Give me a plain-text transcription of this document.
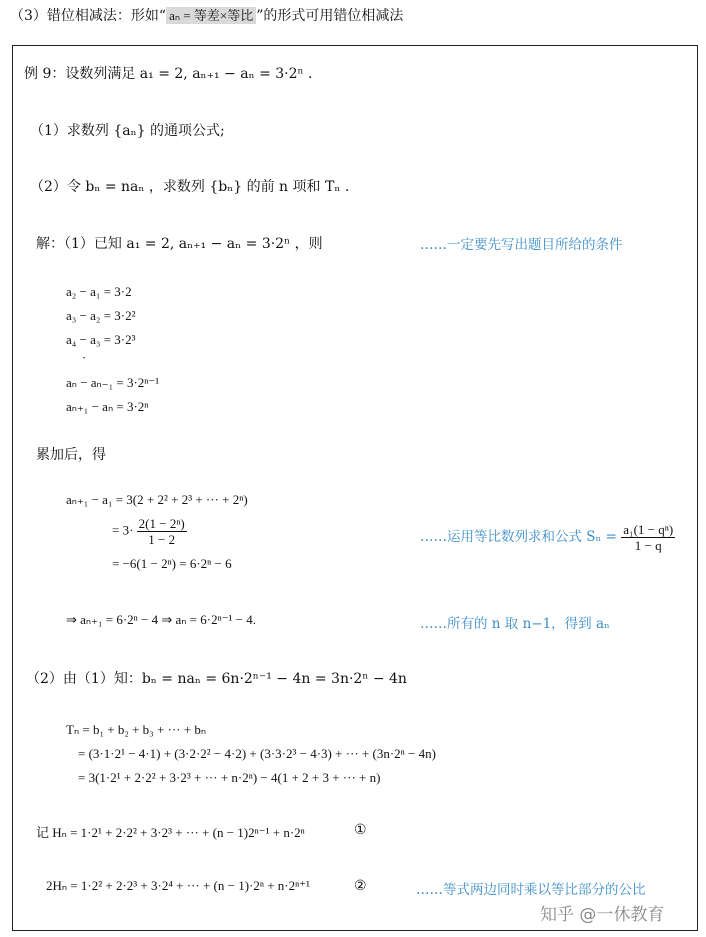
（3）错位相减法：形如“ aₙ = 等差×等比 ”的形式可用错位相减法
例 9：设数列满足 a₁ = 2, aₙ₊₁ − aₙ = 3·2ⁿ .
（1）求数列 {aₙ} 的通项公式;
（2）令 bₙ = naₙ ，求数列 {bₙ} 的前 n 项和 Tₙ .
解：（1）已知 a₁ = 2, aₙ₊₁ − aₙ = 3·2ⁿ ，则	……一定要先写出题目所给的条件
a₂ − a₁ = 3·2
a₃ − a₂ = 3·2²
a₄ − a₃ = 3·2³
·
aₙ − aₙ₋₁ = 3·2ⁿ⁻¹
aₙ₊₁ − aₙ = 3·2ⁿ
累加后，得
aₙ₊₁ − a₁ = 3(2 + 2² + 2³ + ··· + 2ⁿ)
= $3\cdot \frac{\text{2(1 − 2ⁿ)}}{1 - 2}$
= −6(1 − 2ⁿ) = 6·2ⁿ − 6
……运用等比数列求和公式 $S_n = \frac{\text{a₁(1 − qⁿ)}}{1 - q}$
⇒ aₙ₊₁ = 6·2ⁿ − 4 ⇒ aₙ = 6·2ⁿ⁻¹ − 4.	……所有的 n 取 n−1，得到 aₙ
（2）由（1）知：bₙ = naₙ = 6n·2ⁿ⁻¹ − 4n = 3n·2ⁿ − 4n
Tₙ = b₁ + b₂ + b₃ + ··· + bₙ
= (3·1·2¹ − 4·1) + (3·2·2² − 4·2) + (3·3·2³ − 4·3) + ··· + (3n·2ⁿ − 4n)
= 3(1·2¹ + 2·2² + 3·2³ + ··· + n·2ⁿ) − 4(1 + 2 + 3 + ··· + n)
记 Hₙ = 1·2¹ + 2·2² + 3·2³ + ··· + (n − 1)2ⁿ⁻¹ + n·2ⁿ	①
2Hₙ = 1·2² + 2·2³ + 3·2⁴ + ··· + (n − 1)·2ⁿ + n·2ⁿ⁺¹	②	……等式两边同时乘以等比部分的公比
知乎 @一休教育
